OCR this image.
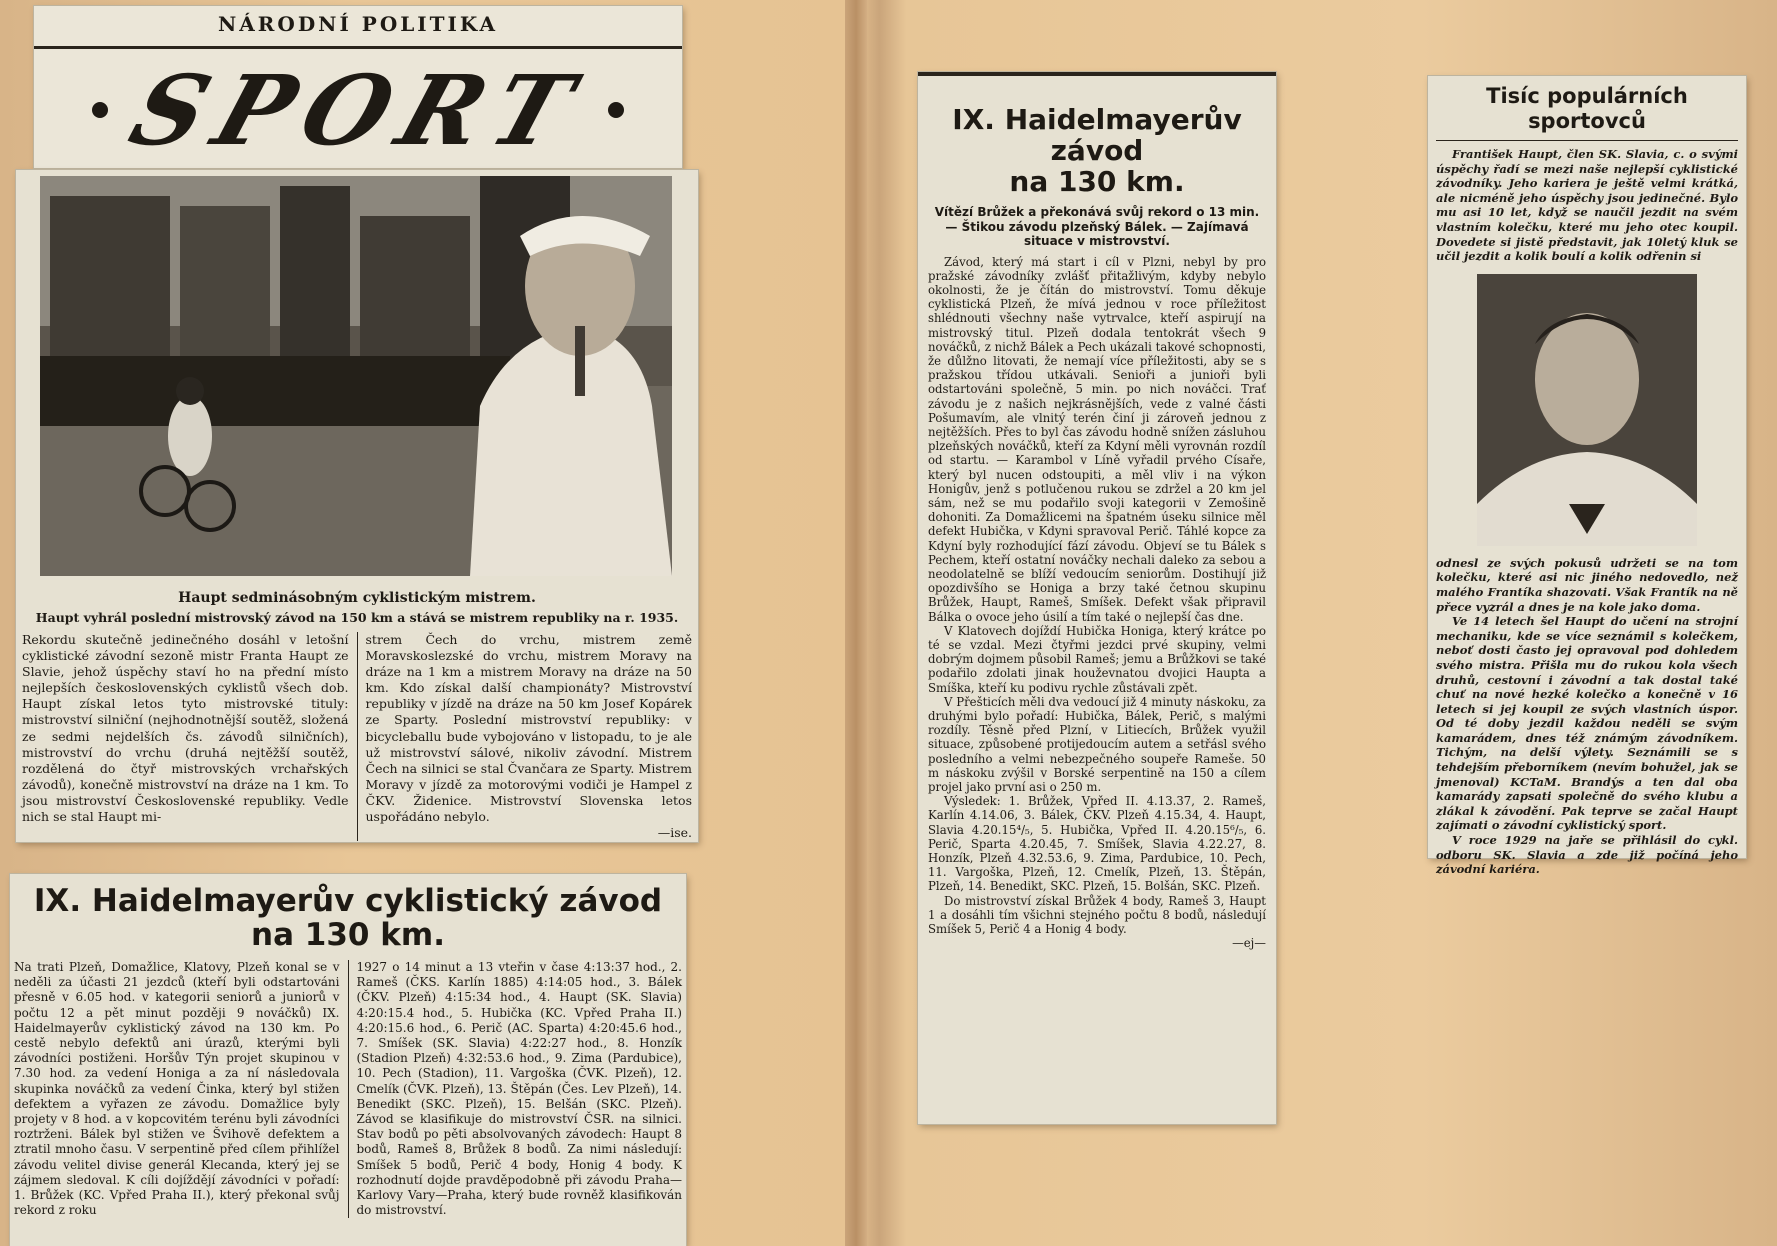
NÁRODNÍ POLITIKA
SPORT
Haupt sedminásobným cyklistickým mistrem.
Haupt vyhrál poslední mistrovský závod na 150 km a stává se mistrem republiky na r. 1935.

Rekordu skutečně jedinečného dosáhl v letošní cyklistické závodní sezoně mistr Franta Haupt ze Slavie, jehož úspěchy staví ho na přední místo nejlepších československých cyklistů všech dob. Haupt získal letos tyto mistrovské tituly: mistrovství silniční (nejhodnotnější soutěž, složená ze sedmi nejdelších čs. závodů silničních), mistrovství do vrchu (druhá nejtěžší soutěž, rozdělená do čtyř mistrovských vrchařských závodů), konečně mistrovství na dráze na 1 km. To jsou mistrovství Československé republiky. Vedle nich se stal Haupt mi-

strem Čech do vrchu, mistrem země Moravskoslezské do vrchu, mistrem Moravy na dráze na 1 km a mistrem Moravy na dráze na 50 km. Kdo získal další championáty? Mistrovství republiky v jízdě na dráze na 50 km Josef Kopárek ze Sparty. Poslední mistrovství republiky: v bicycleballu bude vybojováno v listopadu, to je ale už mistrovství sálové, nikoliv závodní. Mistrem Čech na silnici se stal Čvančara ze Sparty. Mistrem Moravy v jízdě za motorovými vodiči je Hampel z ČKV. Židenice. Mistrovství Slovenska letos uspořádáno nebylo.

—ise.

IX. Haidelmayerův cyklistický závod
na 130 km.

Na trati Plzeň, Domažlice, Klatovy, Plzeň konal se v neděli za účasti 21 jezdců (kteří byli odstartováni přesně v 6.05 hod. v kategorii seniorů a juniorů v počtu 12 a pět minut později 9 nováčků) IX. Haidelmayerův cyklistický závod na 130 km. Po cestě nebylo defektů ani úrazů, kterými byli závodníci postiženi. Horšův Týn projet skupinou v 7.30 hod. za vedení Honiga a za ní následovala skupinka nováčků za vedení Činka, který byl stižen defektem a vyřazen ze závodu. Domažlice byly projety v 8 hod. a v kopcovitém terénu byli závodníci roztrženi. Bálek byl stižen ve Švihově defektem a ztratil mnoho času. V serpentině před cílem přihlížel závodu velitel divise generál Klecanda, který jej se zájmem sledoval. K cíli dojíždějí závodníci v pořadí: 1. Brůžek (KC. Vpřed Praha II.), který překonal svůj rekord z roku

1927 o 14 minut a 13 vteřin v čase 4:13:37 hod., 2. Rameš (ČKS. Karlín 1885) 4:14:05 hod., 3. Bálek (ČKV. Plzeň) 4:15:34 hod., 4. Haupt (SK. Slavia) 4:20:15.4 hod., 5. Hubička (KC. Vpřed Praha II.) 4:20:15.6 hod., 6. Perič (AC. Sparta) 4:20:45.6 hod., 7. Smíšek (SK. Slavia) 4:22:27 hod., 8. Honzík (Stadion Plzeň) 4:32:53.6 hod., 9. Zima (Pardubice), 10. Pech (Stadion), 11. Vargoška (ČVK. Plzeň), 12. Cmelík (ČVK. Plzeň), 13. Štěpán (Čes. Lev Plzeň), 14. Benedikt (SKC. Plzeň), 15. Belšán (SKC. Plzeň). Závod se klasifikuje do mistrovství ČSR. na silnici. Stav bodů po pěti absolvovaných závodech: Haupt 8 bodů, Rameš 8, Brůžek 8 bodů. Za nimi následují: Smíšek 5 bodů, Perič 4 body, Honig 4 body. K rozhodnutí dojde pravděpodobně při závodu Praha—Karlovy Vary—Praha, který bude rovněž klasifikován do mistrovství.

IX. Haidelmayerův závod
na 130 km.
Vítězí Brůžek a překonává svůj rekord o 13 min. — Štikou závodu plzeňský Bálek. — Zajímavá situace v mistrovství.

Závod, který má start i cíl v Plzni, nebyl by pro pražské závodníky zvlášť přitažlivým, kdyby nebylo okolnosti, že je čítán do mistrovství. Tomu děkuje cyklistická Plzeň, že mívá jednou v roce příležitost shlédnouti všechny naše vytrvalce, kteří aspirují na mistrovský titul. Plzeň dodala tentokrát všech 9 nováčků, z nichž Bálek a Pech ukázali takové schopnosti, že důlžno litovati, že nemají více příležitosti, aby se s pražskou třídou utkávali. Senioři a junioři byli odstartováni společně, 5 min. po nich nováčci. Trať závodu je z našich nejkrásnějších, vede z valné části Pošumavím, ale vlnitý terén činí ji zároveň jednou z nejtěžších. Přes to byl čas závodu hodně snížen zásluhou plzeňských nováčků, kteří za Kdyní měli vyrovnán rozdíl od startu. — Karambol v Líně vyřadil prvého Císaře, který byl nucen odstoupiti, a měl vliv i na výkon Honigův, jenž s potlučenou rukou se zdržel a 20 km jel sám, než se mu podařilo svoji kategorii v Zemošině dohoniti. Za Domažlicemi na špatném úseku silnice měl defekt Hubička, v Kdyni spravoval Perič. Táhlé kopce za Kdyní byly rozhodující fází závodu. Objeví se tu Bálek s Pechem, kteří ostatní nováčky nechali daleko za sebou a neodolatelně se blíží vedoucím seniorům. Dostihují již opozdivšího se Honiga a brzy také četnou skupinu Brůžek, Haupt, Rameš, Smíšek. Defekt však připravil Bálka o ovoce jeho úsilí a tím také o nejlepší čas dne.

V Klatovech dojíždí Hubička Honiga, který krátce po té se vzdal. Mezi čtyřmi jezdci prvé skupiny, velmi dobrým dojmem působil Rameš; jemu a Brůžkovi se také podařilo zdolati jinak houževnatou dvojici Haupta a Smíška, kteří ku podivu rychle zůstávali zpět.

V Přešticích měli dva vedoucí již 4 minuty náskoku, za druhými bylo pořadí: Hubička, Bálek, Perič, s malými rozdíly. Těsně před Plzní, v Litiecích, Brůžek využil situace, způsobené protijedoucím autem a setřásl svého posledního a velmi nebezpečného soupeře Rameše. 50 m náskoku zvýšil v Borské serpentině na 150 a cílem projel jako první asi o 250 m.

Výsledek: 1. Brůžek, Vpřed II. 4.13.37, 2. Rameš, Karlín 4.14.06, 3. Bálek, ČKV. Plzeň 4.15.34, 4. Haupt, Slavia 4.20.15⁴/₅, 5. Hubička, Vpřed II. 4.20.15⁶/₅, 6. Perič, Sparta 4.20.45, 7. Smíšek, Slavia 4.22.27, 8. Honzík, Plzeň 4.32.53.6, 9. Zima, Pardubice, 10. Pech, 11. Vargoška, Plzeň, 12. Cmelík, Plzeň, 13. Štěpán, Plzeň, 14. Benedikt, SKC. Plzeň, 15. Bolšán, SKC. Plzeň.

Do mistrovství získal Brůžek 4 body, Rameš 3, Haupt 1 a dosáhli tím všichni stejného počtu 8 bodů, následují Smíšek 5, Perič 4 a Honig 4 body.

—ej—

Tisíc populárních
sportovců

František Haupt, člen SK. Slavia, c. o svými úspěchy řadí se mezi naše nejlepší cyklistické závodníky. Jeho kariera je ještě velmi krátká, ale nicméně jeho úspěchy jsou jedinečné. Bylo mu asi 10 let, když se naučil jezdit na svém vlastním kolečku, které mu jeho otec koupil. Dovedete si jistě představit, jak 10letý kluk se učil jezdit a kolik boulí a kolik odřenin si

odnesl ze svých pokusů udržeti se na tom kolečku, které asi nic jiného nedovedlo, než malého Frantíka shazovati. Však Frantík na ně přece vyzrál a dnes je na kole jako doma.

Ve 14 letech šel Haupt do učení na strojní mechaniku, kde se více seznámil s kolečkem, neboť dosti často jej opravoval pod dohledem svého mistra. Přišla mu do rukou kola všech druhů, cestovní i závodní a tak dostal také chuť na nové hezké kolečko a konečně v 16 letech si jej koupil ze svých vlastních úspor. Od té doby jezdil každou neděli se svým kamarádem, dnes též známým závodníkem. Tichým, na delší výlety. Seznámili se s tehdejším přeborníkem (nevím bohužel, jak se jmenoval) KCTaM. Brandýs a ten dal oba kamarády zapsati společně do svého klubu a zlákal k závodění. Pak teprve se začal Haupt zajímati o závodní cyklistický sport.

V roce 1929 na jaře se přihlásil do cykl. odboru SK. Slavia a zde již počíná jeho závodní kariéra.
